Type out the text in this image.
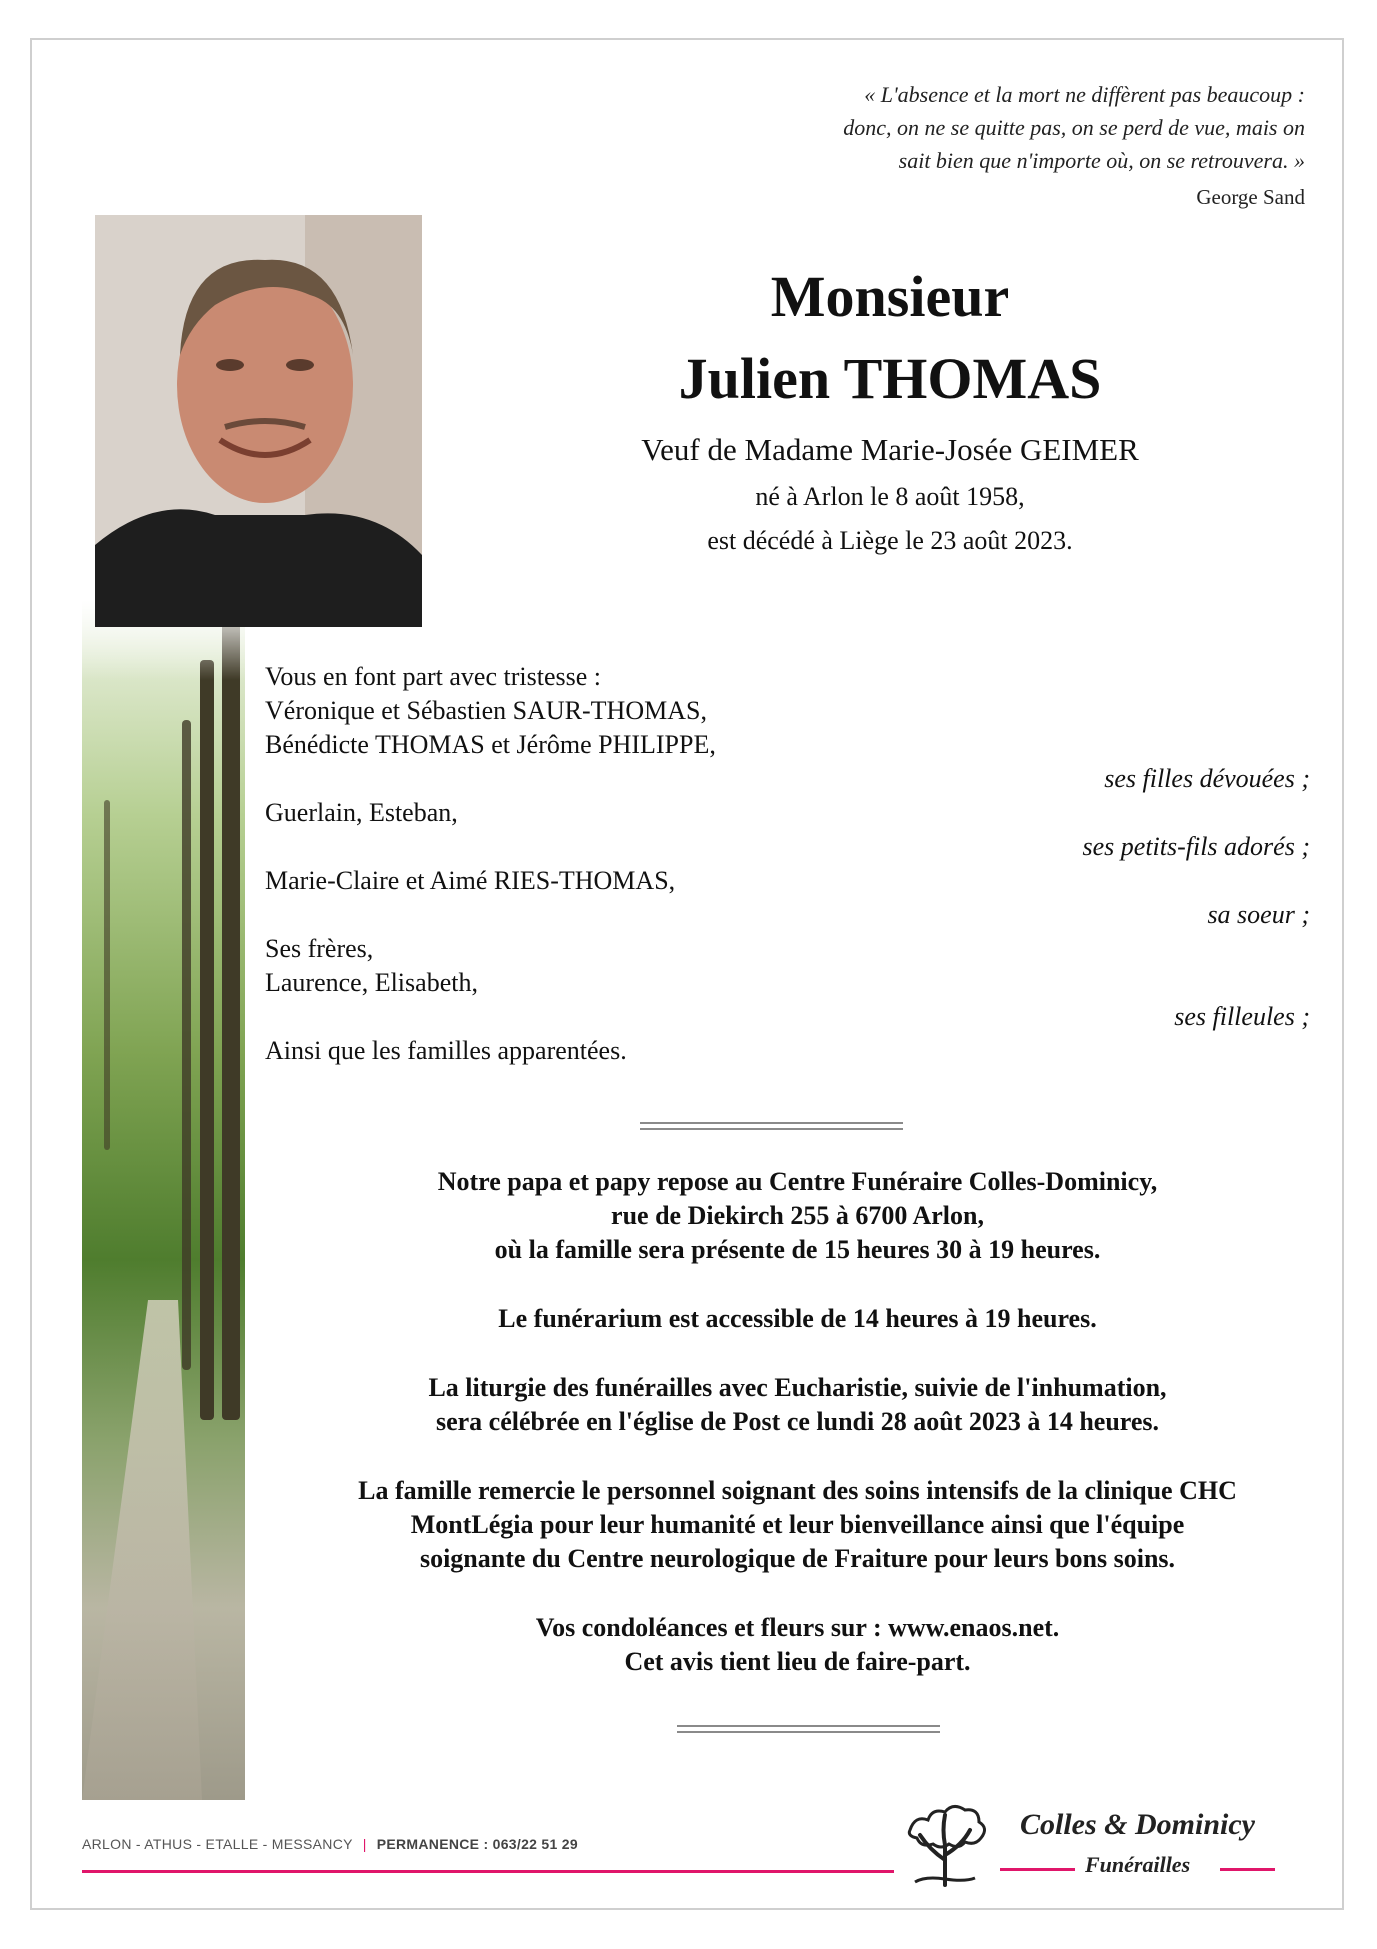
« L'absence et la mort ne diffèrent pas beaucoup :
donc, on ne se quitte pas, on se perd de vue, mais on
sait bien que n'importe où, on se retrouvera. »
George Sand
Monsieur
Julien THOMAS
Veuf de Madame Marie-Josée GEIMER
né à Arlon le 8 août 1958,
est décédé à Liège le 23 août 2023.
Vous en font part avec tristesse :
Véronique et Sébastien SAUR-THOMAS,
Bénédicte THOMAS et Jérôme PHILIPPE,
ses filles dévouées ;
Guerlain, Esteban,
ses petits-fils adorés ;
Marie-Claire et Aimé RIES-THOMAS,
sa soeur ;
Ses frères,
Laurence, Elisabeth,
ses filleules ;
Ainsi que les familles apparentées.

Notre papa et papy repose au Centre Funéraire Colles-Dominicy,
rue de Diekirch 255 à 6700 Arlon,
où la famille sera présente de 15 heures 30 à 19 heures.

Le funérarium est accessible de 14 heures à 19 heures.

La liturgie des funérailles avec Eucharistie, suivie de l'inhumation,
sera célébrée en l'église de Post ce lundi 28 août 2023 à 14 heures.

La famille remercie le personnel soignant des soins intensifs de la clinique CHC
MontLégia pour leur humanité et leur bienveillance ainsi que l'équipe
soignante du Centre neurologique de Fraiture pour leurs bons soins.

Vos condoléances et fleurs sur : www.enaos.net.
Cet avis tient lieu de faire-part.

ARLON - ATHUS - ETALLE - MESSANCY | PERMANENCE : 063/22 51 29
Colles & Dominicy
Funérailles
